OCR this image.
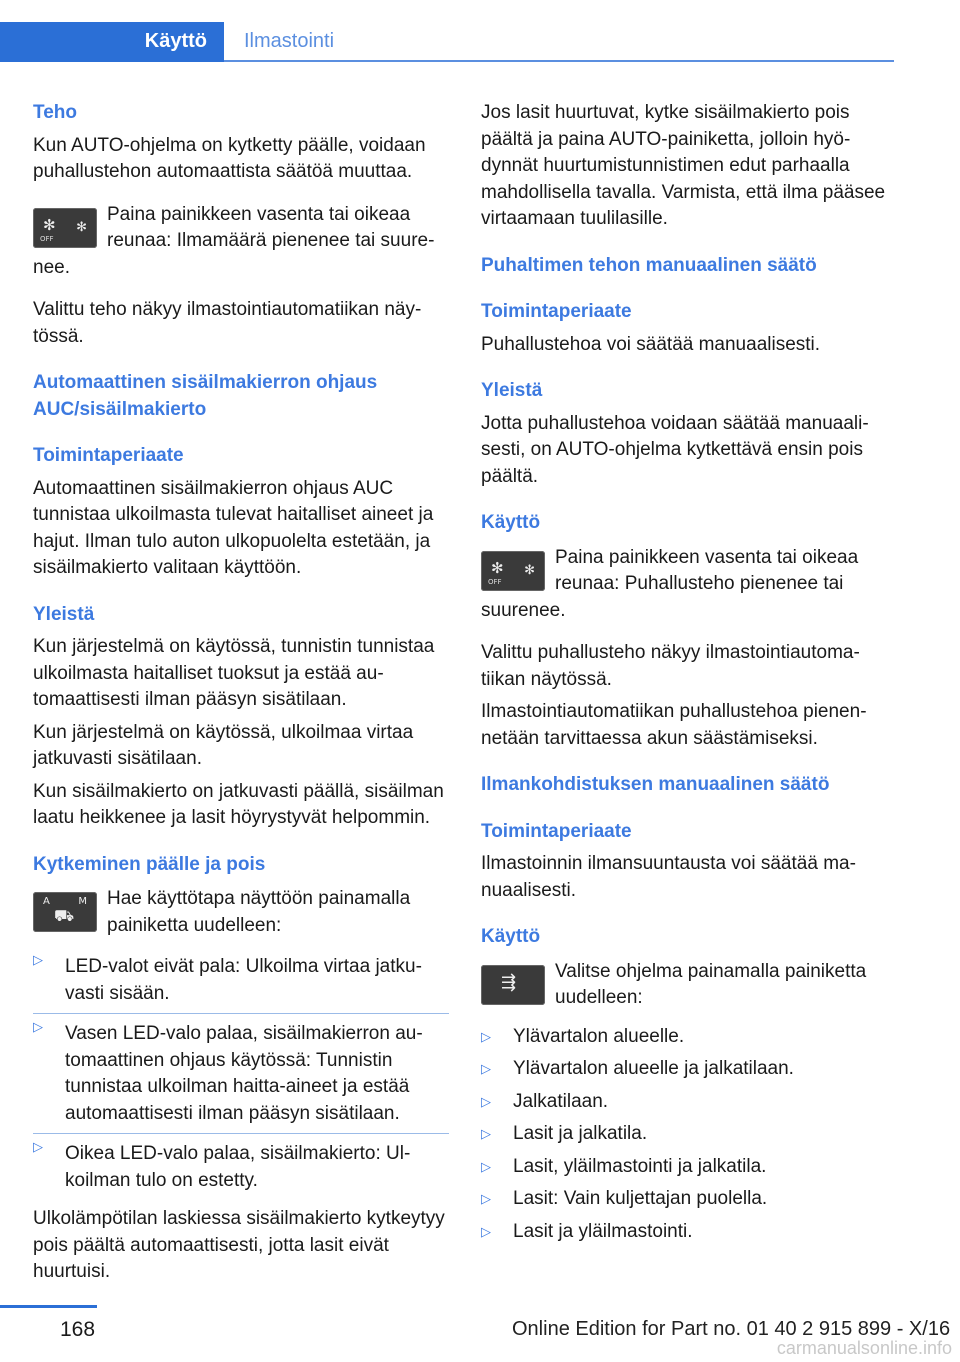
Käyttö Ilmastointi

Teho

Kun AUTO-ohjelma on kytketty päälle, voidaan puhallustehon automaattista säätöä muuttaa.

✻ ✻
OFF

Paina painikkeen vasenta tai oikeaa reunaa: Ilmamäärä pienenee tai suurenee.

Valittu teho näkyy ilmastointiautomatiikan näytössä.

Automaattinen sisäilmakierron ohjaus AUC/sisäilmakierto

Toimintaperiaate

Automaattinen sisäilmakierron ohjaus AUC tunnistaa ulkoilmasta tulevat haitalliset aineet ja hajut. Ilman tulo auton ulkopuolelta estetään, ja sisäilmakierto valitaan käyttöön.

Yleistä

Kun järjestelmä on käytössä, tunnistin tunnistaa ulkoilmasta haitalliset tuoksut ja estää automaattisesti ilman pääsyn sisätilaan.

Kun järjestelmä on käytössä, ulkoilmaa virtaa jatkuvasti sisätilaan.

Kun sisäilmakierto on jatkuvasti päällä, sisäilman laatu heikkenee ja lasit höyrystyvät helpommin.

Kytkeminen päälle ja pois

A	M
⛟

Hae käyttötapa näyttöön painamalla painiketta uudelleen:

▷ LED-valot eivät pala: Ulkoilma virtaa jatkuvasti sisään.
▷ Vasen LED-valo palaa, sisäilmakierron automaattinen ohjaus käytössä: Tunnistin tunnistaa ulkoilman haitta-aineet ja estää automaattisesti ilman pääsyn sisätilaan.
▷ Oikea LED-valo palaa, sisäilmakierto: Ulkoilman tulo on estetty.

Ulkolämpötilan laskiessa sisäilmakierto kytkeytyy pois päältä automaattisesti, jotta lasit eivät huurtuisi.

Jos lasit huurtuvat, kytke sisäilmakierto pois päältä ja paina AUTO-painiketta, jolloin hyödynnät huurtumistunnistimen edut parhaalla mahdollisella tavalla. Varmista, että ilma pääsee virtaamaan tuulilasille.

Puhaltimen tehon manuaalinen säätö

Toimintaperiaate

Puhallustehoa voi säätää manuaalisesti.

Yleistä

Jotta puhallustehoa voidaan säätää manuaalisesti, on AUTO-ohjelma kytkettävä ensin pois päältä.

Käyttö

✻ ✻
OFF

Paina painikkeen vasenta tai oikeaa reunaa: Puhallusteho pienenee tai suurenee.

Valittu puhallusteho näkyy ilmastointiautomatiikan näytössä.

Ilmastointiautomatiikan puhallustehoa pienennetään tarvittaessa akun säästämiseksi.

Ilmankohdistuksen manuaalinen säätö

Toimintaperiaate

Ilmastoinnin ilmansuuntausta voi säätää manuaalisesti.

Käyttö

⇶

Valitse ohjelma painamalla painiketta uudelleen:

▷ Ylävartalon alueelle.
▷ Ylävartalon alueelle ja jalkatilaan.
▷ Jalkatilaan.
▷ Lasit ja jalkatila.
▷ Lasit, yläilmastointi ja jalkatila.
▷ Lasit: Vain kuljettajan puolella.
▷ Lasit ja yläilmastointi.
168	Online Edition for Part no. 01 40 2 915 899 - X/16
carmanualsonline.info
